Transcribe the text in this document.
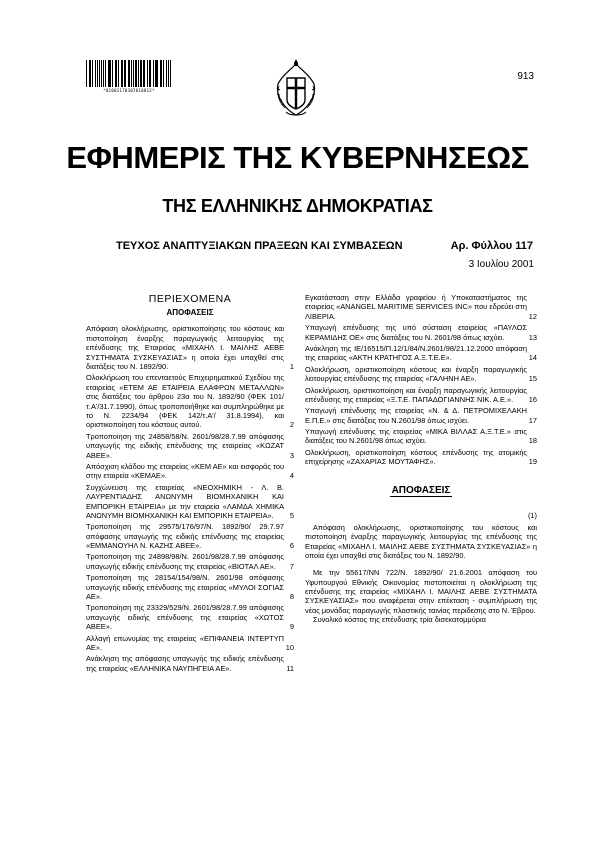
*01001170307010012*
913
ΕΦΗΜΕΡΙΣ ΤΗΣ ΚΥΒΕΡΝΗΣΕΩΣ
ΤΗΣ ΕΛΛΗΝΙΚΗΣ ΔΗΜΟΚΡΑΤΙΑΣ
ΤΕΥΧΟΣ ΑΝΑΠΤΥΞΙΑΚΩΝ ΠΡΑΞΕΩΝ ΚΑΙ ΣΥΜΒΑΣΕΩΝ	Αρ. Φύλλου 117
3 Ιουλίου 2001
ΠΕΡΙΕΧΟΜΕΝΑ
ΑΠΟΦΑΣΕΙΣ
Απόφαση ολοκλήρωσης, οριστικοποίησης του κόστους και πιστοποίηση έναρξης παραγωγικής λειτουργίας της επένδυσης της Εταιρείας «ΜΙΧΑΗΛ Ι. ΜΑΙΛΗΣ ΑΕΒΕ ΣΥΣΤΗΜΑΤΑ ΣΥΣΚΕΥΑΣΙΑΣ» η οποία έχει υπαχθεί στις διατάξεις του Ν. 1892/90.	1
Ολοκλήρωση του επενταετούς Επιχειρηματικού Σχεδίου της εταιρείας «ΕΤΕΜ ΑΕ ΕΤΑΙΡΕΙΑ ΕΛΑΦΡΩΝ ΜΕΤΑΛΛΩΝ» στις διατάξεις του άρθρου 23α του Ν. 1892/90 (ΦΕΚ 101/τ.Α'/31.7.1990), όπως τροποποιήθηκε και συμπληρώθηκε με το Ν. 2234/94 (ΦΕΚ 142/τ.Α'/ 31.8.1994), και οριστικοποίηση του κόστους αυτού.	2
Τροποποίηση της 24858/58/Ν. 2601/98/28.7.99 απόφασης υπαγωγής της ειδικής επένδυσης της εταιρείας «ΚΩΖΑΤ ΑΒΕΕ».	3
Απόσχιση κλάδου της εταιρείας «ΚΕΜ ΑΕ» και εισφοράς του στην εταιρεία «ΚΕΜΑΕ».	4
Συγχώνευση της εταιρείας «ΝΕΟΧΗΜΙΚΗ - Λ. Β. ΛΑΥΡΕΝΤΙΑΔΗΣ ΑΝΩΝΥΜΗ ΒΙΟΜΗΧΑΝΙΚΗ ΚΑΙ ΕΜΠΟΡΙΚΗ ΕΤΑΙΡΕΙΑ» με την εταιρεία «ΛΑΜΔΑ ΧΗΜΙΚΑ ΑΝΩΝΥΜΗ ΒΙΟΜΗΧΑΝΙΚΗ ΚΑΙ ΕΜΠΟΡΙΚΗ ΕΤΑΙΡΕΙΑ». 5
Τροποποίηση της 29575/176/97/Ν. 1892/90/ 29.7.97 απόφασης υπαγωγής της ειδικής επένδυσης της εταιρείας «ΕΜΜΑΝΟΥΗΛ Ν. ΚΑΖΗΣ ΑΒΕΕ».	6
Τροποποίηση της 24898/98/Ν. 2601/98/28.7.99 απόφασης υπαγωγής ειδικής επένδυσης της εταιρείας «ΒΙΟΤΑΛ ΑΕ». 7
Τροποποίηση της 28154/154/98/Ν. 2601/98 απόφασης υπαγωγής ειδικής επένδυσης της εταιρείας «ΜΥΛΟΙ ΣΟΓΙΑΣ ΑΕ».	8
Τροποποίηση της 23329/529/Ν. 2601/98/28.7.99 απόφασης υπαγωγής ειδικής επένδυσης της εταιρείας «ΧΩΤΟΣ ΑΒΕΕ».	9
Αλλαγή επωνυμίας της εταιρείας «ΕΠΙΦΑΝΕΙΑ ΙΝΤΕΡΤΥΠ ΑΕ».	10
Ανάκληση της απόφασης υπαγωγής της ειδικής επένδυσης της εταιρείας «ΕΛΛΗΝΙΚΑ ΝΑΥΠΗΓΕΙΑ ΑΕ».	11
Εγκατάσταση στην Ελλάδα γραφείου ή Υποκαταστήματος της εταιρείας «ANANGEL MARITIME SERVICES INC» που εδρεύει στη ΛΙΒΕΡΙΑ.	12
Υπαγωγή επένδυσης της υπό σύσταση εταιρείας «ΠΑΥΛΟΣ ΚΕΡΑΜΙΔΗΣ ΟΕ» στις διατάξεις του Ν. 2601/98 όπως ισχύει.	13
Ανάκληση της ΙΕ/16515/Π.12/1/84/Ν.2601/98/21.12.2000 απόφαση της εταιρείας «ΑΚΤΗ ΚΡΑΤΗΓΟΣ Α.Ξ.Τ.Ε.Ε».	14
Ολοκλήρωση, οριστικοποίηση κόστους και έναρξη παραγωγικής λειτουργίας επένδυσης της εταιρείας «ΓΑΛΗΝΗ ΑΕ».	15
Ολοκλήρωση, οριστικοποίηση και έναρξη παραγωγικής λειτουργίας επένδυσης της εταιρείας «Ξ.Τ.Ε. ΠΑΠΑΔΟΓΙΑΝΝΗΣ ΝΙΚ. Α.Ε.». 16
Υπαγωγή επένδυσης της εταιρείας «Ν. & Δ. ΠΕΤΡΟΜΙΧΕΛΑΚΗ Ε.Π.Ε.» στις διατάξεις του Ν.2601/98 όπως ισχύει.	17
Υπαγωγή επένδυσης της εταιρείας «ΜΙΚΑ ΒΙΛΛΑΣ Α.Ξ.Τ.Ε.» στις διατάξεις του Ν.2601/98 όπως ισχύει.	18
Ολοκλήρωση, οριστικοποίηση κόστους επένδυσης της ατομικής επιχείρησης «ΖΑΧΑΡΙΑΣ ΜΟΥΤΑΦΗΣ».	19
ΑΠΟΦΑΣΕΙΣ
(1)
Απόφαση ολοκλήρωσης, οριστικοποίησης του κόστους και πιστοποίηση έναρξης παραγωγικής λειτουργίας της επένδυσης της Εταιρείας «ΜΙΧΑΗΛ Ι. ΜΑΙΛΗΣ ΑΕΒΕ ΣΥΣΤΗΜΑΤΑ ΣΥΣΚΕΥΑΣΙΑΣ» η οποία έχει υπαχθεί στις διατάξεις του Ν. 1892/90.
Με την 55617/ΝΝ 722/Ν. 1892/90/ 21.6.2001 απόφαση του Υφυπουργού Εθνικής Οικονομίας πιστοποιείται η ολοκλήρωση της επένδυσης της εταιρείας «ΜΙΧΑΗΛ Ι. ΜΑΙΛΗΣ ΑΕΒΕ ΣΥΣΤΗΜΑΤΑ ΣΥΣΚΕΥΑΣΙΑΣ» που αναφέρεται στην επέκταση - συμπλήρωση της νέας μονάδας παραγωγής πλαστικής ταινίας περιδεσης στο Ν. Έβρου.
Συνολικό κόστος της επένδυσης τρία δισεκατομμύρια
